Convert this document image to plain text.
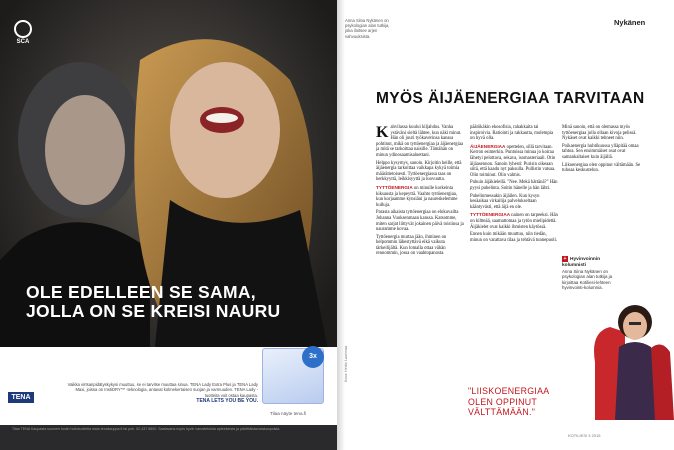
SCA
OLE EDELLEEN SE SAMA,
JOLLA ON SE KREISI NAURU
TENA
Vaikka virtsanpidätyskykysi muuttuu, se ei tarvitse muuttaa sinua. TENA Lady Extra Plus ja TENA Lady Maxi, joissa on InstiDRY™ -teknologia, antavat kolmekertaisen suojan ja varmuuden. TENA Lady -tuotteita voit ostaa kaupasta.
TENA LETS YOU BE YOU.
3x
Tilaa näyte tena.fi
Tilaa TENA Kaupasta suomen kodin hoitotuotteita www.tenakauppa.fi tai puh. 02-437 8800. Saatavana myös hyvin varustetuista apteekeista ja päivittäistavarakaupoista.
Anna Siina Nykänen on psykologian alan tutkija, joka iloitsee arjen vahvuuksista.
Nykänen
MYÖS ÄIJÄENERGIAA TARVITAAN
Kuva: Heikki Laurimaa

Kahvilassa kuului kiljahdus. Vanha ystäväni sieltä lähtee, kun näki minut. Hän oli juuri työkaverinsa kanssa pohtinut, mikä on tyttöenergiaa ja äijäenergiaa ja mitä se tarkoittaa naisille. Tämähän on minun ydinosaamisaluettani.

Helppo kysymys, sanoin. Kirjoitin heille, että äijäenergia tarkoittaa vaikkapa kykyä toimia määrätietoisesti. Tyttöenergiassa taas on herkkyyttä, leikkisyyttä ja luovuutta.

TYTTÖENERGIA on minulle korkeinta kiksausta ja kepeyttä. Vaahto tyttöenergiaa, kun korjaamme kynsiäni ja naureskelemme hulluja.

Parasta aikaista tyttöenergiaa on elokuvailta Johanna Vuoksenmaan kanssa. Katsomme, miten sarjat liittyvät jokainen päivä toisiinsa ja nauramme kovaa.

Tyttöenergia murtaa jään, ihminen on helpommin lähestyttävä eikä vaikuta tärkeilijältä. Kun lomalla ottaa vähän rennommin, jossa on vaahtopanosta.

päätökäkin ekosofisia, rahakkaita tai inspiroivia. Ratiointi ja rakkautta, molempia on hyvä olla.

ÄIJÄENERGIAA opettelen, sillä tarvitaan. Kerron esimerkin. Puntoissa minua jo koiraa lähetyi pelottava, sekava, isomasteriaali. Otin äijäasennon. Sanoin lyhesti: Purisin oikeaan siitä, että kaadu nyt paksulla. Pullistin vatsaa. Olin toiminut. Olin valmis.

Puhuin äijäkielellä. "Nee. Mekä hättänä?" Hän pyysi puhelinta. Soitin hänelle ja hän lähti.

Puhelinmessakin äijäilen. Kun kysyn kesäaikaa virkailija palvelukseltaan kääntyvästi, että äijä en ole.

TYTTÖENERGIAA nainen on tarpeeksi. Hän on kiltteää, saamattomaa ja tytön mielipidettä. Äijäkielet ovat kaikki ihmisten käytössä.

Ennen kuin mikään muuttuu, niin tiedän, minun on varattava tilaa ja tehtävä tunnepuoli.

Minä sanoin, että on olemassa myös tyttöenergiaa jolla ollaan kivoja pelissä. Nykäset ovat kaikki tehneet niin.

Poikaenergia huhtikuussa ylläpitää omaa tahtoa. Sen ensimmäiset osat ovat samankaltaiset kuin äijällä.

Liikoenergiaa olen oppinut vältämään. Se tuhoaa keskustelun.

+ Hyvinvoinnin kolumnisti
Anna Siina Nykänen on psykologian alan tutkija ja kirjoittaa Kotiliesi-lehteen hyvinvointi-kolumnia.
"LIISKOENERGIAA OLEN OPPINUT VÄLTTÄMÄÄN."
KOTILIESI 3 2015
